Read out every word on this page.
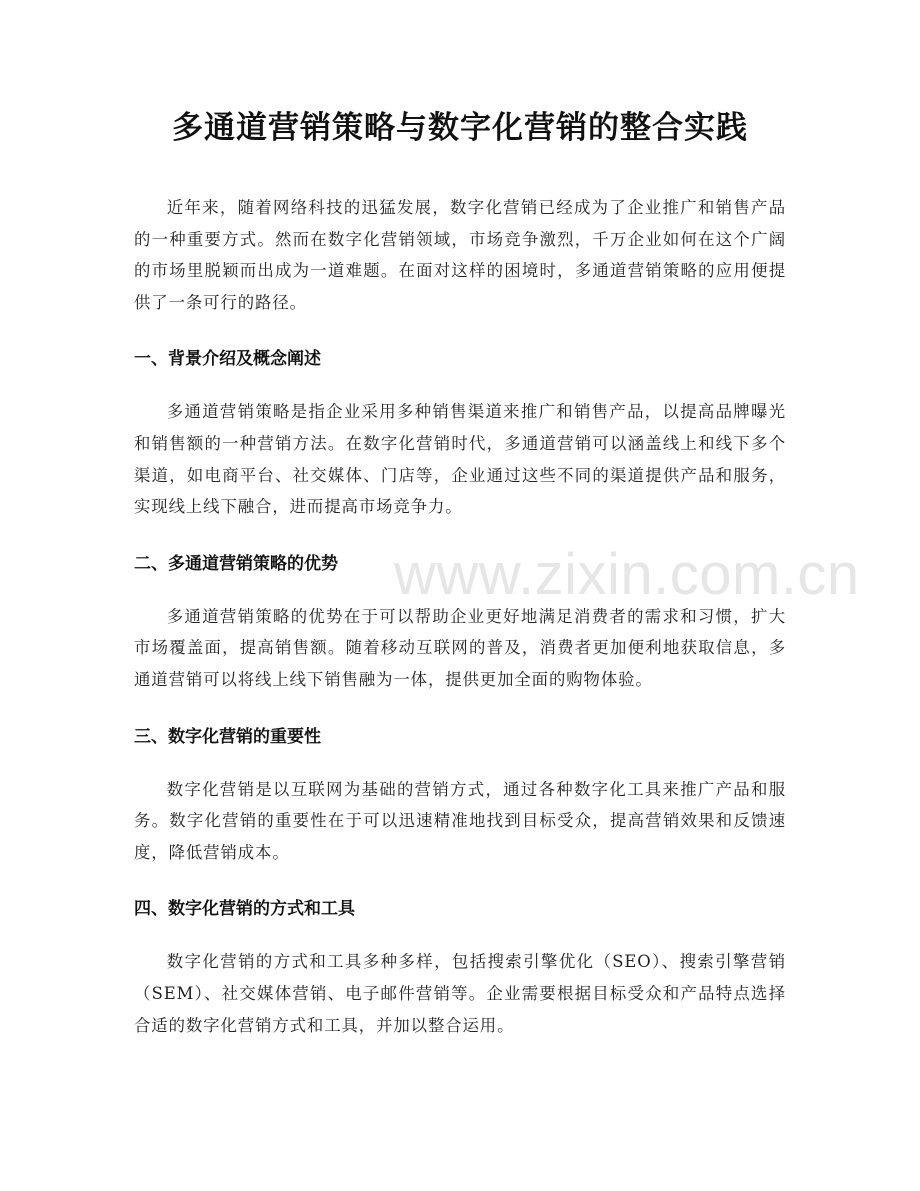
多通道营销策略与数字化营销的整合实践

近年来，随着网络科技的迅猛发展，数字化营销已经成为了企业推广和销售产品的一种重要方式。然而在数字化营销领域，市场竞争激烈，千万企业如何在这个广阔的市场里脱颖而出成为一道难题。在面对这样的困境时，多通道营销策略的应用便提供了一条可行的路径。

一、背景介绍及概念阐述

多通道营销策略是指企业采用多种销售渠道来推广和销售产品，以提高品牌曝光和销售额的一种营销方法。在数字化营销时代，多通道营销可以涵盖线上和线下多个渠道，如电商平台、社交媒体、门店等，企业通过这些不同的渠道提供产品和服务，实现线上线下融合，进而提高市场竞争力。

二、多通道营销策略的优势

多通道营销策略的优势在于可以帮助企业更好地满足消费者的需求和习惯，扩大市场覆盖面，提高销售额。随着移动互联网的普及，消费者更加便利地获取信息，多通道营销可以将线上线下销售融为一体，提供更加全面的购物体验。

三、数字化营销的重要性

数字化营销是以互联网为基础的营销方式，通过各种数字化工具来推广产品和服务。数字化营销的重要性在于可以迅速精准地找到目标受众，提高营销效果和反馈速度，降低营销成本。

四、数字化营销的方式和工具

数字化营销的方式和工具多种多样，包括搜索引擎优化（SEO）、搜索引擎营销（SEM）、社交媒体营销、电子邮件营销等。企业需要根据目标受众和产品特点选择合适的数字化营销方式和工具，并加以整合运用。

www.zixin.com.cn
